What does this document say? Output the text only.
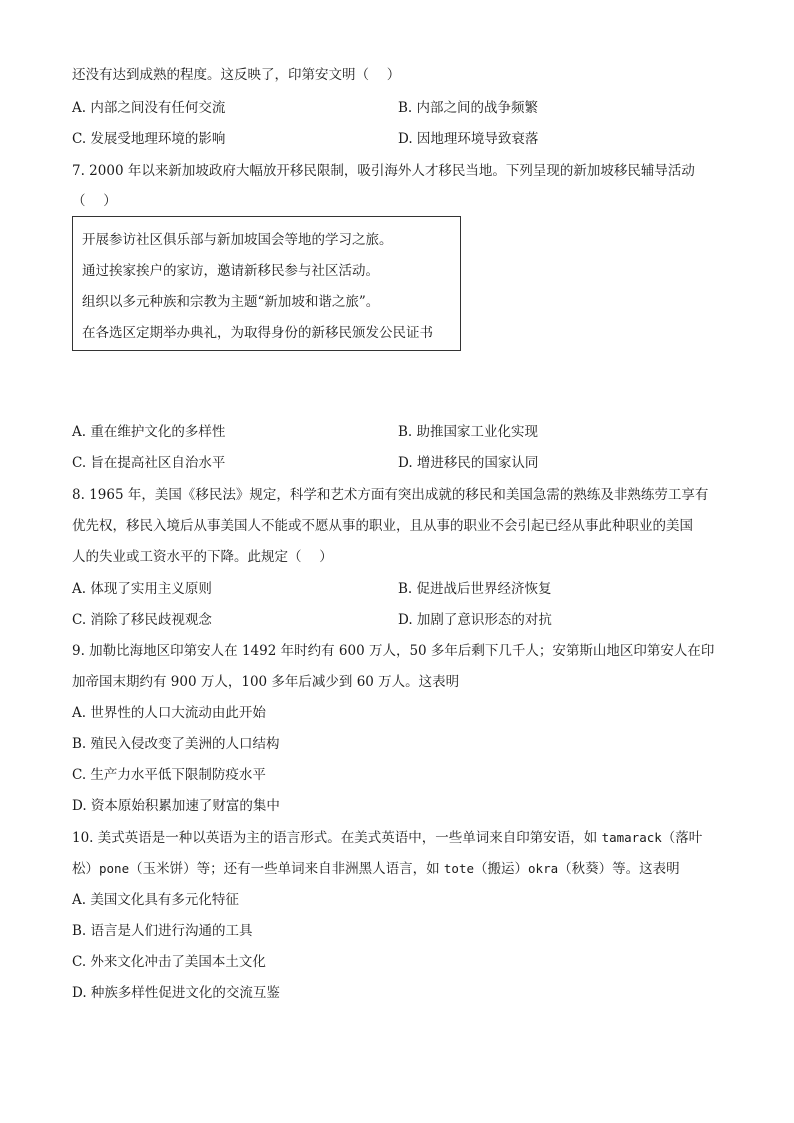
还没有达到成熟的程度。这反映了，印第安文明（　 ）
A. 内部之间没有任何交流	B. 内部之间的战争频繁
C. 发展受地理环境的影响	D. 因地理环境导致衰落
7. 2000 年以来新加坡政府大幅放开移民限制，吸引海外人才移民当地。下列呈现的新加坡移民辅导活动
（　 ）
开展参访社区俱乐部与新加坡国会等地的学习之旅。
通过挨家挨户的家访，邀请新移民参与社区活动。
组织以多元种族和宗教为主题“新加坡和谐之旅”。
在各选区定期举办典礼，为取得身份的新移民颁发公民证书
A. 重在维护文化的多样性	B. 助推国家工业化实现
C. 旨在提高社区自治水平	D. 增进移民的国家认同
8. 1965 年，美国《移民法》规定，科学和艺术方面有突出成就的移民和美国急需的熟练及非熟练劳工享有
优先权，移民入境后从事美国人不能或不愿从事的职业，且从事的职业不会引起已经从事此种职业的美国
人的失业或工资水平的下降。此规定（　 ）
A. 体现了实用主义原则	B. 促进战后世界经济恢复
C. 消除了移民歧视观念	D. 加剧了意识形态的对抗
9. 加勒比海地区印第安人在 1492 年时约有 600 万人，50 多年后剩下几千人；安第斯山地区印第安人在印
加帝国末期约有 900 万人，100 多年后减少到 60 万人。这表明
A. 世界性的人口大流动由此开始
B. 殖民入侵改变了美洲的人口结构
C. 生产力水平低下限制防疫水平
D. 资本原始积累加速了财富的集中
10. 美式英语是一种以英语为主的语言形式。在美式英语中，一些单词来自印第安语，如 tamarack（落叶
松）pone（玉米饼）等；还有一些单词来自非洲黑人语言，如 tote（搬运）okra（秋葵）等。这表明
A. 美国文化具有多元化特征
B. 语言是人们进行沟通的工具
C. 外来文化冲击了美国本土文化
D. 种族多样性促进文化的交流互鉴
